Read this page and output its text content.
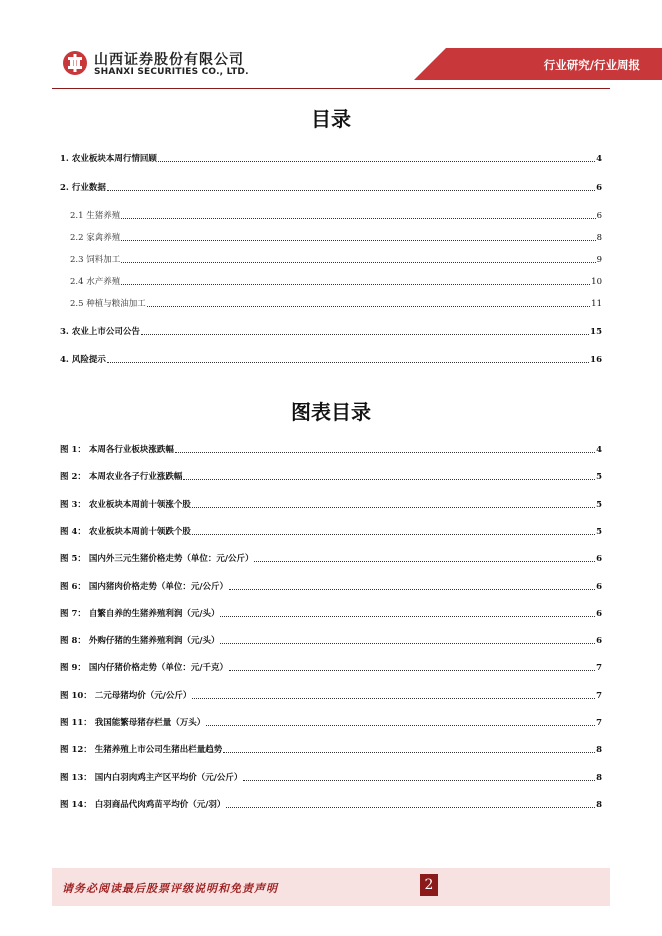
山西证券股份有限公司
SHANXI SECURITIES CO., LTD.	行业研究/行业周报
目录
1. 农业板块本周行情回顾	4
2. 行业数据	6
2.1 生猪养殖	6
2.2 家禽养殖	8
2.3 饲料加工	9
2.4 水产养殖	10
2.5 种植与粮油加工	11
3. 农业上市公司公告	15
4. 风险提示	16
图表目录
图 1： 本周各行业板块涨跌幅	4
图 2： 本周农业各子行业涨跌幅	5
图 3： 农业板块本周前十领涨个股	5
图 4： 农业板块本周前十领跌个股	5
图 5： 国内外三元生猪价格走势（单位：元/公斤）	6
图 6： 国内猪肉价格走势（单位：元/公斤）	6
图 7： 自繁自养的生猪养殖利润（元/头）	6
图 8： 外购仔猪的生猪养殖利润（元/头）	6
图 9： 国内仔猪价格走势（单位：元/千克）	7
图 10： 二元母猪均价（元/公斤）	7
图 11： 我国能繁母猪存栏量（万头）	7
图 12： 生猪养殖上市公司生猪出栏量趋势	8
图 13： 国内白羽肉鸡主产区平均价（元/公斤）	8
图 14： 白羽商品代肉鸡苗平均价（元/羽）	8
请务必阅读最后股票评级说明和免责声明	2
